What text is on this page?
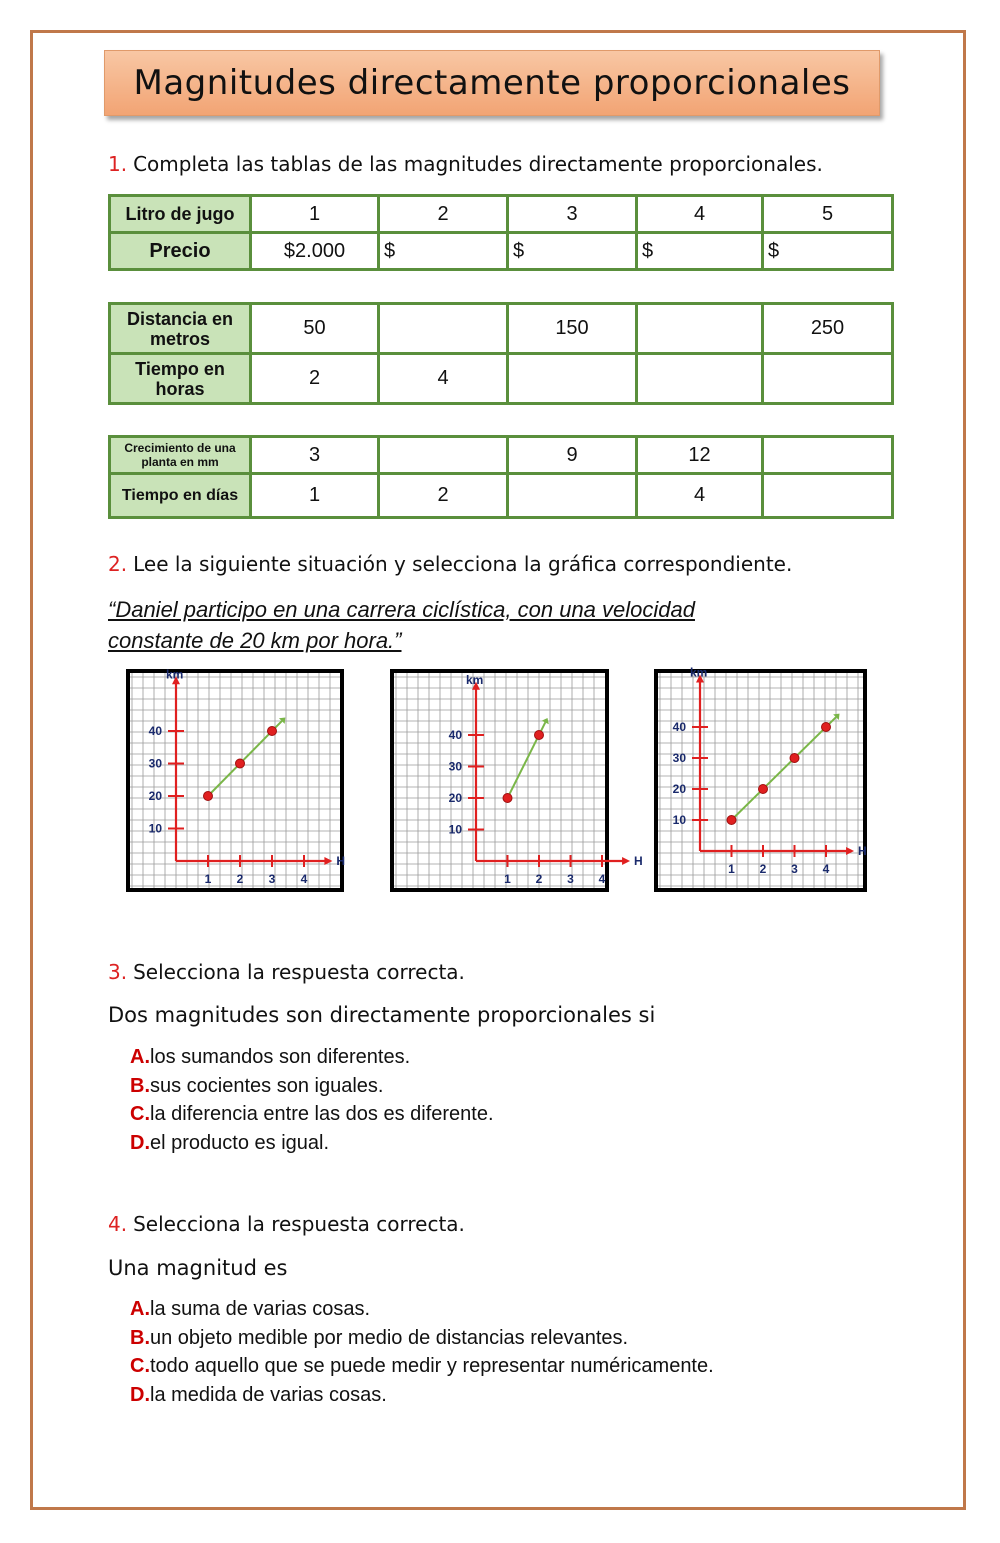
Magnitudes directamente proporcionales
1. Completa las tablas de las magnitudes directamente proporcionales.
Litro de jugo	1	2	3	4	5
Precio	$2.000	$	$	$	$
Distancia en metros	50		150		250
Tiempo en horas	2	4			
Crecimiento de una planta en mm	3		9	12	
Tiempo en días	1	2		4	
2. Lee la siguiente situación y selecciona la gráfica correspondiente.
“Daniel participo en una carrera ciclística, con una velocidad
constante de 20 km por hora.”
1 2 3 4
10
20
30
40
km
H
1 2 3 4
10
20
30
40
km
H
1 2 3 4
10
20
30
40
km
H
3. Selecciona la respuesta correcta.
Dos magnitudes son directamente proporcionales si
A.los sumandos son diferentes.
B.sus cocientes son iguales.
C.la diferencia entre las dos es diferente.
D.el producto es igual.
4. Selecciona la respuesta correcta.
Una magnitud es
A.la suma de varias cosas.
B.un objeto medible por medio de distancias relevantes.
C.todo aquello que se puede medir y representar numéricamente.
D.la medida de varias cosas.
